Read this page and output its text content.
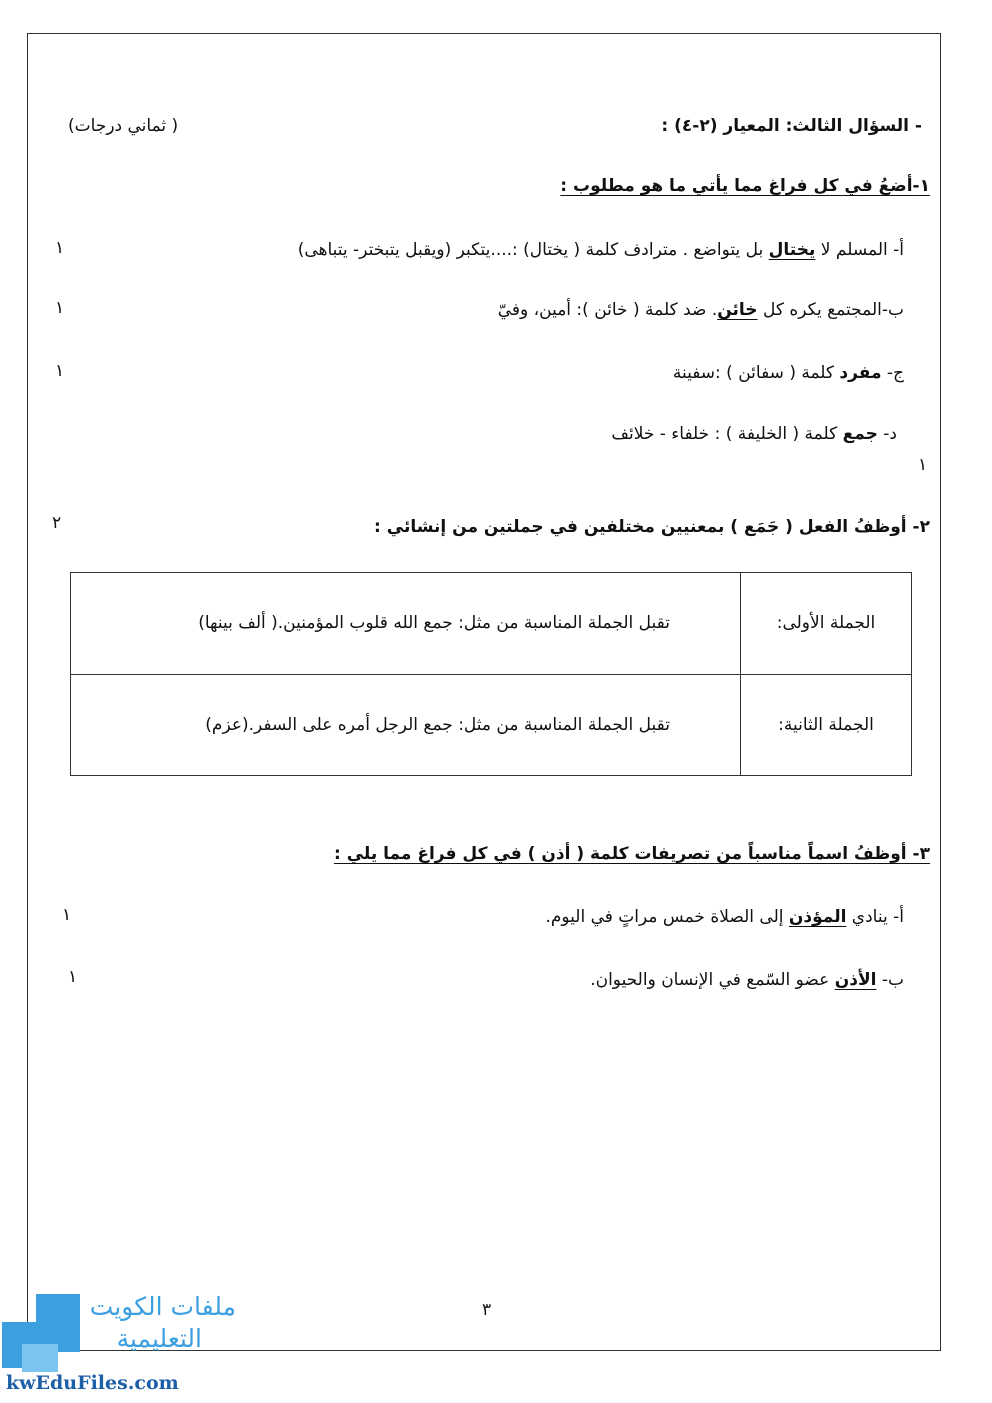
- السؤال الثالث: المعيار (٢-٤) :
( ثماني درجات)
١-أضعُ في كل فراغ مما يأتي ما هو مطلوب :
أ- المسلم لا يختال بل يتواضع . مترادف كلمة ( يختال) :....يتكبر (ويقبل يتبختر- يتباهى)
١
ب-المجتمع يكره كل خائن. ضد كلمة ( خائن ): أمين، وفيّ
١
ج- مفرد كلمة ( سفائن ) :سفينة
١
د- جمع كلمة ( الخليفة ) : خلفاء - خلائف
١
٢- أوظفُ الفعل ( جَمَع ) بمعنيين مختلفين في جملتين من إنشائي :
٢
الجملة الأولى:	تقبل الجملة المناسبة من مثل: جمع الله قلوب المؤمنين.( ألف بينها)
الجملة الثانية:	تقبل الجملة المناسبة من مثل: جمع الرجل أمره على السفر.(عزم)
٣- أوظفُ اسماً مناسباً من تصريفات كلمة ( أذن ) في كل فراغ مما يلي :
أ- ينادي المؤذن إلى الصلاة خمس مراتٍ في اليوم.
١
ب- الأذن عضو السّمع في الإنسان والحيوان.
١
٣
ملفات الكويت
التعليمية
kwEduFiles.com
